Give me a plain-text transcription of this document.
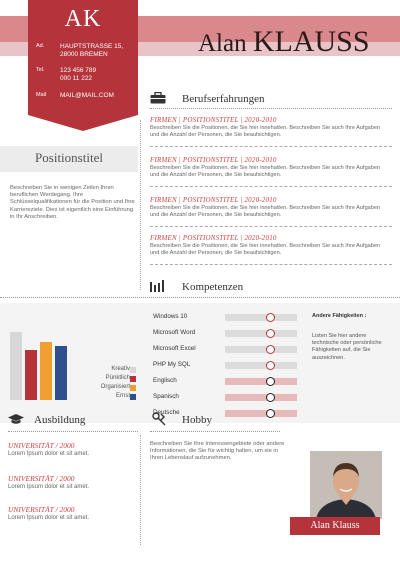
AK
Ad. HAUPTSTRASSE 15,
28000 BREMEN
Tel. 123 456 789
000 11 222
Mail MAIL@MAIL.COM
Alan KLAUSS
Berufserfahrungen
FIRMEN | POSITIONSTITEL | 2020-2010
Beschreiben Sie die Positionen, die Sie hier innehatten. Beschreiben Sie auch Ihre Aufgaben und die Anzahl der Personen, die Sie beaufsichtigen.
FIRMEN | POSITIONSTITEL | 2020-2010
Beschreiben Sie die Positionen, die Sie hier innehatten. Beschreiben Sie auch Ihre Aufgaben und die Anzahl der Personen, die Sie beaufsichtigen.
FIRMEN | POSITIONSTITEL | 2020-2010
Beschreiben Sie die Positionen, die Sie hier innehatten. Beschreiben Sie auch Ihre Aufgaben und die Anzahl der Personen, die Sie beaufsichtigen.
FIRMEN | POSITIONSTITEL | 2020-2010
Beschreiben Sie die Positionen, die Sie hier innehatten. Beschreiben Sie auch Ihre Aufgaben und die Anzahl der Personen, die Sie beaufsichtigen.
Positionstitel
Beschreiben Sie in wenigen Zeilen Ihren beruflichen Werdegang. Ihre Schlüsselqualifikationen für die Position und Ihre Karriereziele. Dies ist eigentlich eine Einführung in Ihr Anschreiben.
Kompetenzen
Kreativ
Pünktlich
Organisiert
Ernst
Windows 10
Microsoft Word
Microsoft Excel
PHP My SQL
Englisch
Spanisch
Deutsche
Andere Fähigkeiten :
Listen Sie hier andere technische oder persönliche Fähigkeiten auf, die Sie auszeichnen.
Ausbildung
UNIVERSITÄT / 2000
Lorem Ipsum dolor et sit amet.
UNIVERSITÄT / 2000
Lorem Ipsum dolor et sit amet.
UNIVERSITÄT / 2000
Lorem Ipsum dolor et sit amet.
Hobby
Beschreiben Sie Ihre Interessengebiete oder andere Informationen, die Sie für wichtig halten, um sie in Ihren Lebenslauf aufzunehmen.
Alan Klauss
